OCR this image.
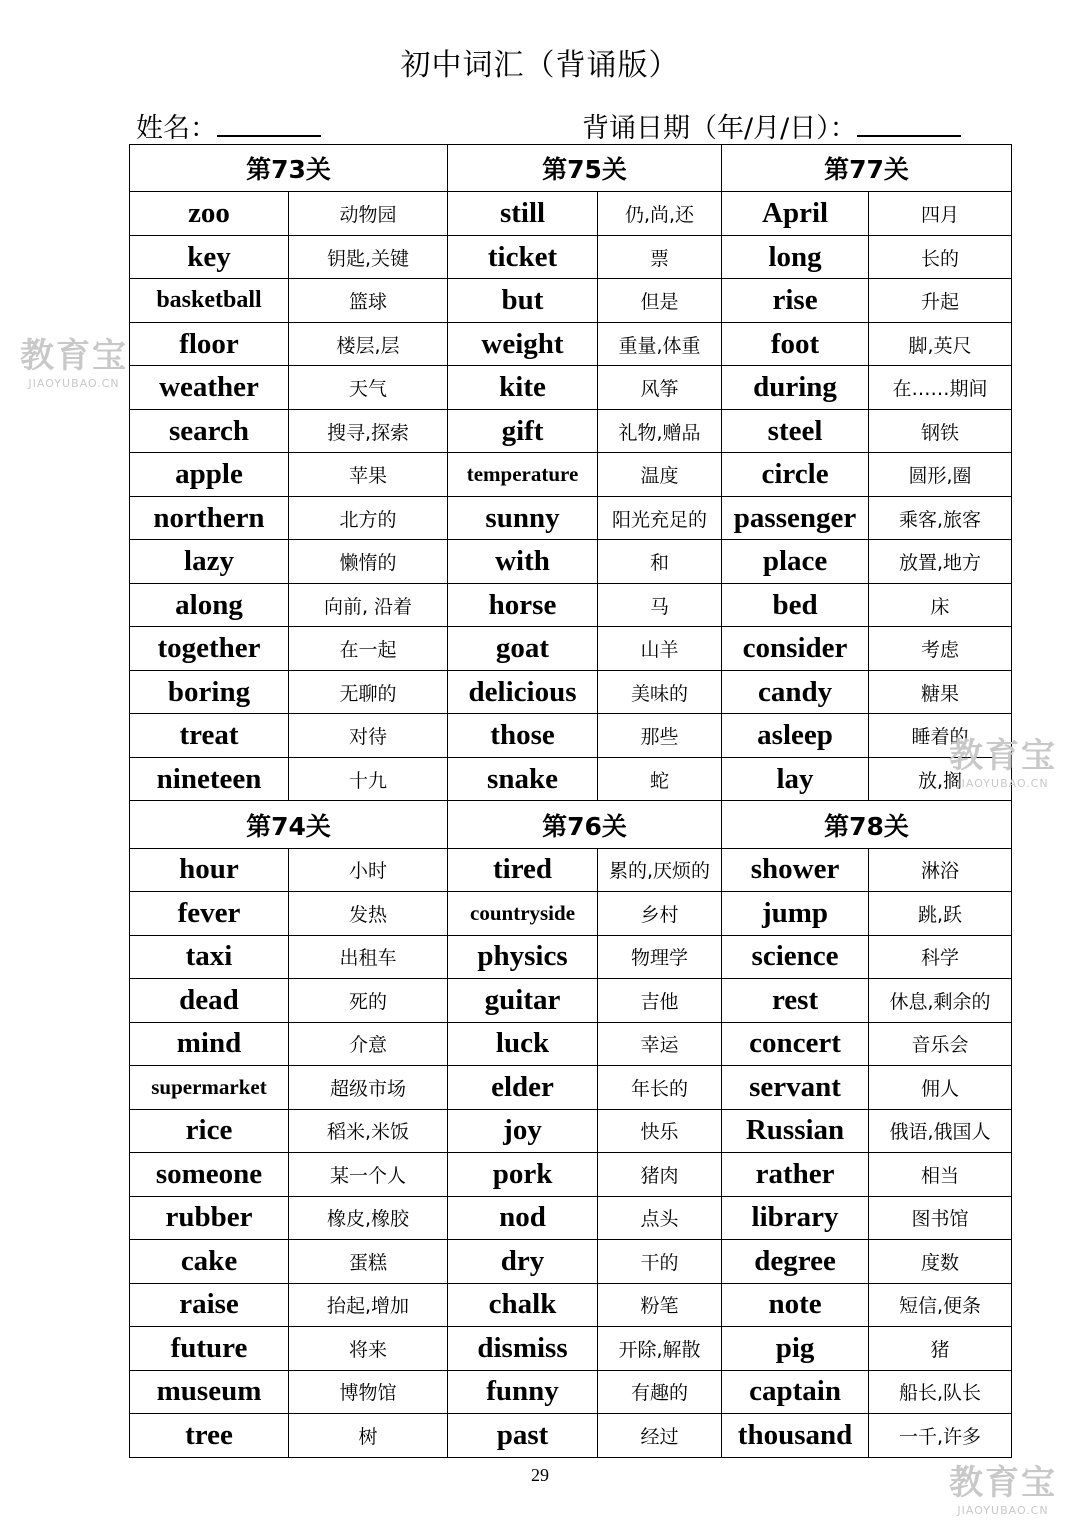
初中词汇（背诵版）
姓名：	背诵日期（年/月/日）：
第73关		第75关		第77关	
zoo	动物园	still	仍,尚,还	April	四月
key	钥匙,关键	ticket	票	long	长的
basketball	篮球	but	但是	rise	升起
floor	楼层,层	weight	重量,体重	foot	脚,英尺
weather	天气	kite	风筝	during	在……期间
search	搜寻,探索	gift	礼物,赠品	steel	钢铁
apple	苹果	temperature	温度	circle	圆形,圈
northern	北方的	sunny	阳光充足的	passenger	乘客,旅客
lazy	懒惰的	with	和	place	放置,地方
along	向前, 沿着	horse	马	bed	床
together	在一起	goat	山羊	consider	考虑
boring	无聊的	delicious	美味的	candy	糖果
treat	对待	those	那些	asleep	睡着的
nineteen	十九	snake	蛇	lay	放,搁
第74关		第76关		第78关	
hour	小时	tired	累的,厌烦的	shower	淋浴
fever	发热	countryside	乡村	jump	跳,跃
taxi	出租车	physics	物理学	science	科学
dead	死的	guitar	吉他	rest	休息,剩余的
mind	介意	luck	幸运	concert	音乐会
supermarket	超级市场	elder	年长的	servant	佣人
rice	稻米,米饭	joy	快乐	Russian	俄语,俄国人
someone	某一个人	pork	猪肉	rather	相当
rubber	橡皮,橡胶	nod	点头	library	图书馆
cake	蛋糕	dry	干的	degree	度数
raise	抬起,增加	chalk	粉笔	note	短信,便条
future	将来	dismiss	开除,解散	pig	猪
museum	博物馆	funny	有趣的	captain	船长,队长
tree	树	past	经过	thousand	一千,许多
29
教育宝
JIAOYUBAO.CN
教育宝
JIAOYUBAO.CN
教育宝
JIAOYUBAO.CN
